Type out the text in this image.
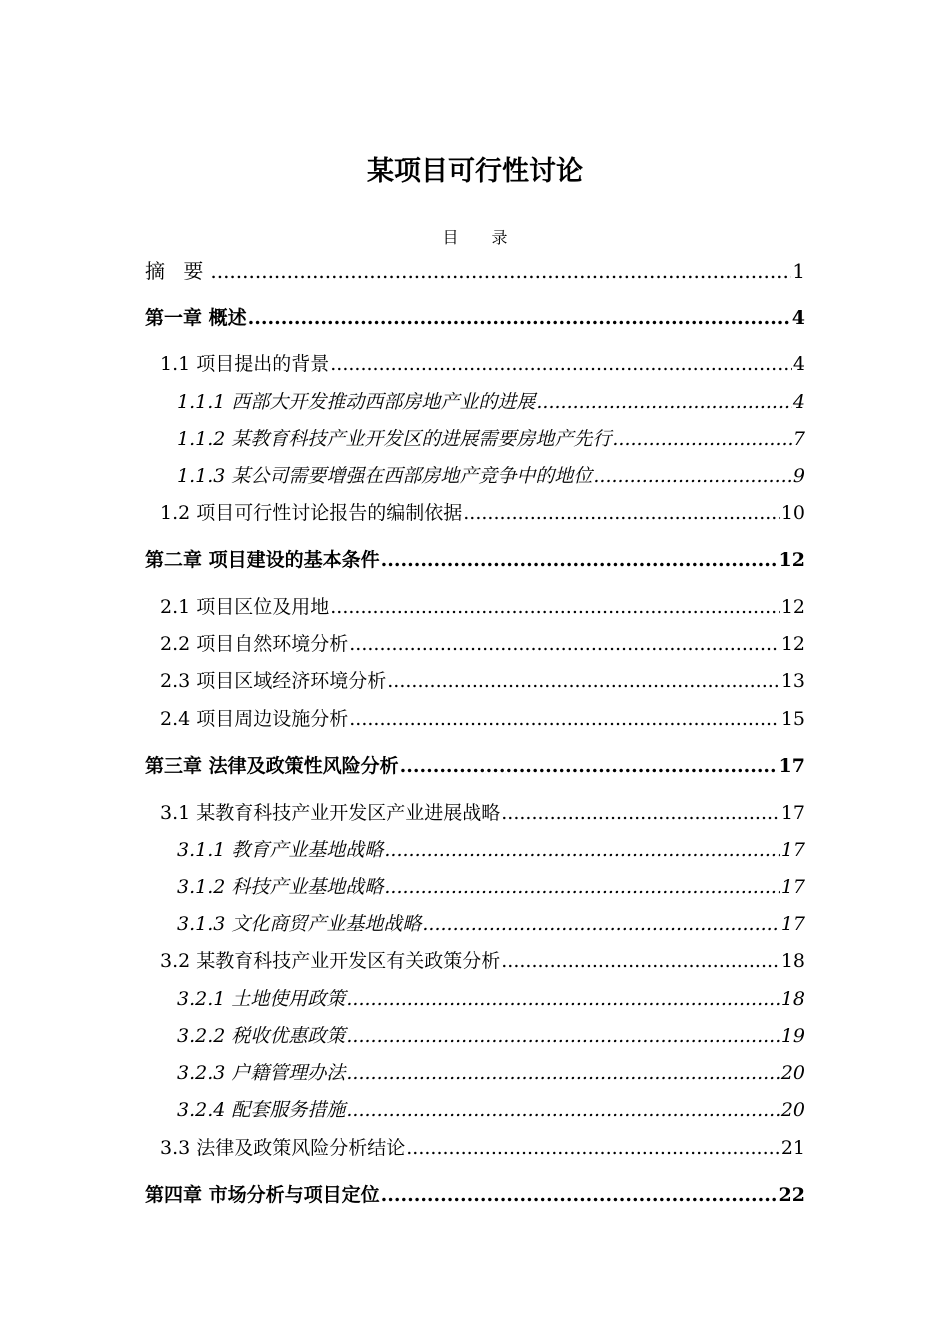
某项目可行性讨论
目 录
摘 要 .....	1
第一章 概述 .....	4
1.1 项目提出的背景 .....	4
1.1.1 西部大开发推动西部房地产业的进展 .....	4
1.1.2 某教育科技产业开发区的进展需要房地产先行 .....	7
1.1.3 某公司需要增强在西部房地产竞争中的地位 .....	9
1.2 项目可行性讨论报告的编制依据 .....	10
第二章 项目建设的基本条件 .....	12
2.1 项目区位及用地 .....	12
2.2 项目自然环境分析 .....	12
2.3 项目区域经济环境分析 .....	13
2.4 项目周边设施分析 .....	15
第三章 法律及政策性风险分析 .....	17
3.1 某教育科技产业开发区产业进展战略 .....	17
3.1.1 教育产业基地战略 .....	17
3.1.2 科技产业基地战略 .....	17
3.1.3 文化商贸产业基地战略 .....	17
3.2 某教育科技产业开发区有关政策分析 .....	18
3.2.1 土地使用政策 .....	18
3.2.2 税收优惠政策 .....	19
3.2.3 户籍管理办法 .....	20
3.2.4 配套服务措施 .....	20
3.3 法律及政策风险分析结论 .....	21
第四章 市场分析与项目定位 .....	22
